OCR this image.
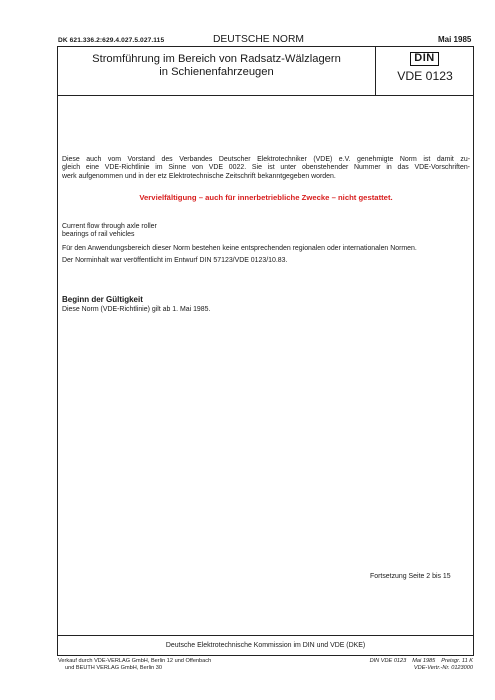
DK 621.336.2:629.4.027.5.027.115	DEUTSCHE NORM	Mai 1985
Stromführung im Bereich von Radsatz-Wälzlagern
in Schienenfahrzeugen
DIN
VDE 0123
Diese auch vom Vorstand des Verbandes Deutscher Elektrotechniker (VDE) e.V. genehmigte Norm ist damit zu-
gleich eine VDE-Richtlinie im Sinne von VDE 0022. Sie ist unter obenstehender Nummer in das VDE-Vorschriften-
werk aufgenommen und in der etz Elektrotechnische Zeitschrift bekanntgegeben worden.
Vervielfältigung – auch für innerbetriebliche Zwecke – nicht gestattet.
Current flow through axle roller
bearings of rail vehicles
Für den Anwendungsbereich dieser Norm bestehen keine entsprechenden regionalen oder internationalen Normen.
Der Norminhalt war veröffentlicht im Entwurf DIN 57123/VDE 0123/10.83.
Beginn der Gültigkeit
Diese Norm (VDE-Richtlinie) gilt ab 1. Mai 1985.
Fortsetzung Seite 2 bis 15
Deutsche Elektrotechnische Kommission im DIN und VDE (DKE)
Verkauf durch VDE-VERLAG GmbH, Berlin 12 und Offenbach
und BEUTH VERLAG GmbH, Berlin 30
DIN VDE 0123 Mai 1985 Preisgr. 11 K
VDE-Vertr.-Nr. 0123000
